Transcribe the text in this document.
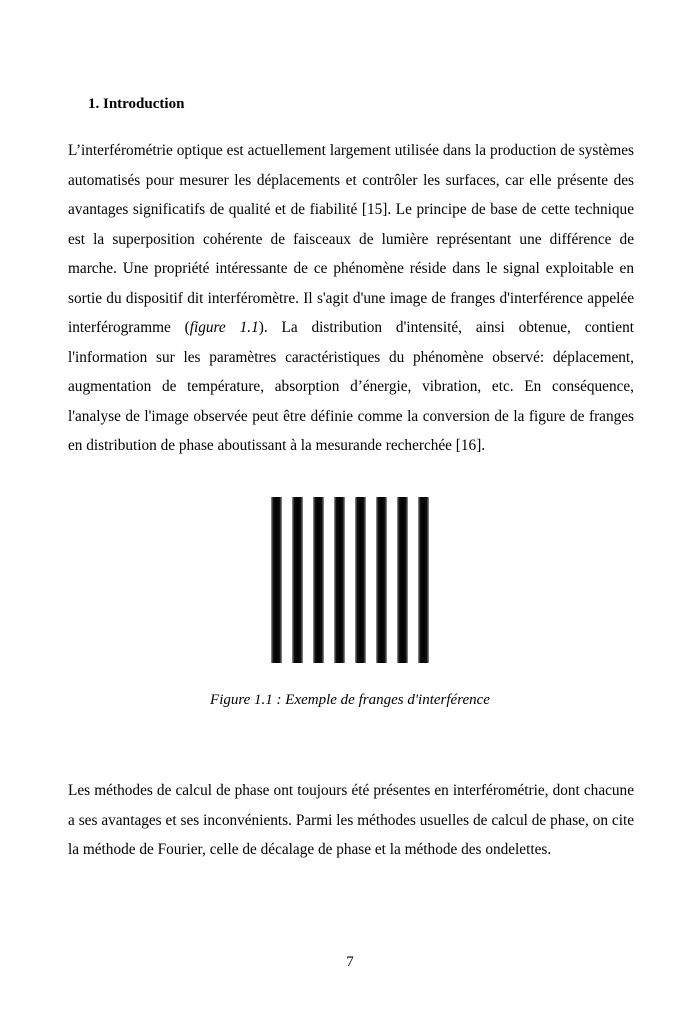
1. Introduction

L’interférométrie optique est actuellement largement utilisée dans la production de systèmes automatisés pour mesurer les déplacements et contrôler les surfaces, car elle présente des avantages significatifs de qualité et de fiabilité [15]. Le principe de base de cette technique est la superposition cohérente de faisceaux de lumière représentant une différence de marche. Une propriété intéressante de ce phénomène réside dans le signal exploitable en sortie du dispositif dit interféromètre. Il s'agit d'une image de franges d'interférence appelée interférogramme (figure 1.1). La distribution d'intensité, ainsi obtenue, contient l'information sur les paramètres caractéristiques du phénomène observé: déplacement, augmentation de température, absorption d’énergie, vibration, etc. En conséquence, l'analyse de l'image observée peut être définie comme la conversion de la figure de franges en distribution de phase aboutissant à la mesurande recherchée [16].

Figure 1.1 : Exemple de franges d'interférence

Les méthodes de calcul de phase ont toujours été présentes en interférométrie, dont chacune a ses avantages et ses inconvénients. Parmi les méthodes usuelles de calcul de phase, on cite la méthode de Fourier, celle de décalage de phase et la méthode des ondelettes.

7
